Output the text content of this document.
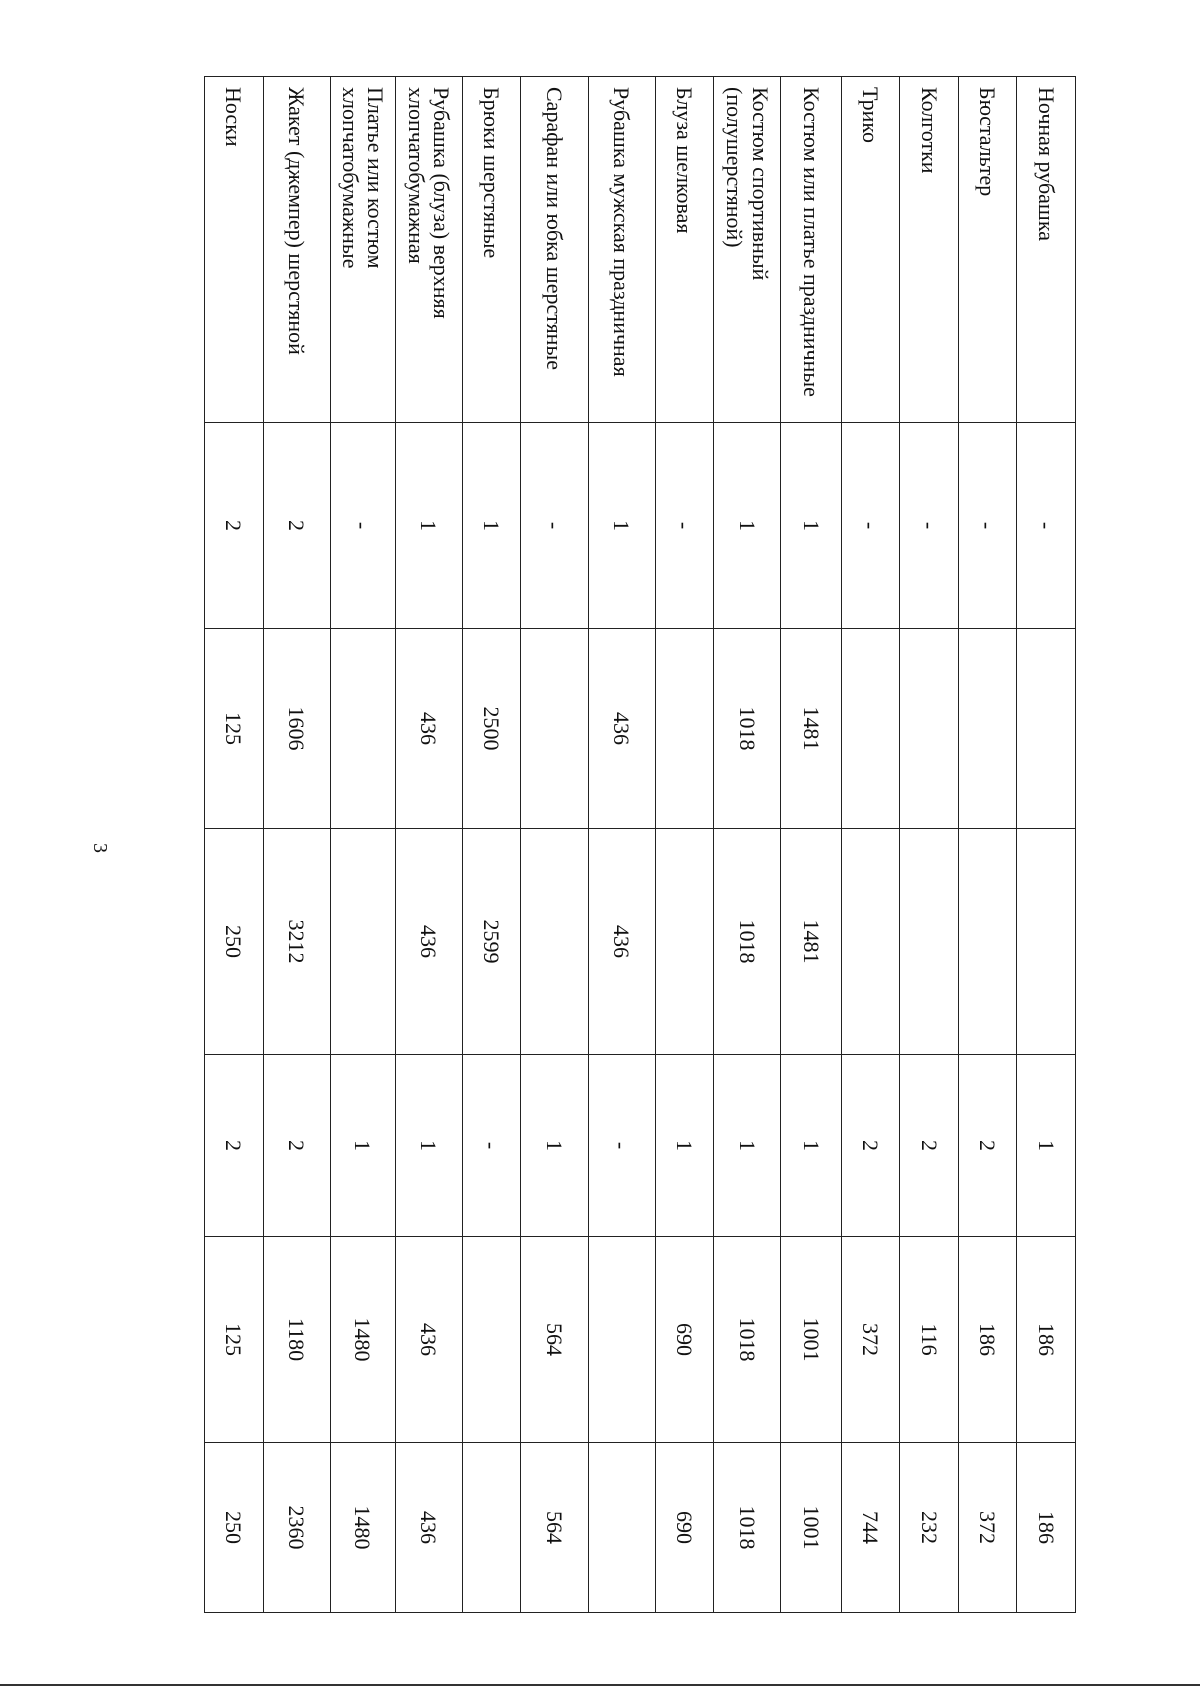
3
Ночная рубашка	-			1	186	186
Бюстальтер	-			2	186	372
Колготки	-			2	116	232
Трико	-			2	372	744
Костюм или платье праздничные	1	1481	1481	1	1001	1001
Костюм спортивный (полушерстяной)	1	1018	1018	1	1018	1018
Блуза шелковая	-			1	690	690
Рубашка мужская праздничная	1	436	436	-		
Сарафан или юбка шерстяные	-			1	564	564
Брюки шерстяные	1	2500	2599	-		
Рубашка (блуза) верхняя хлопчатобумажная	1	436	436	1	436	436
Платье или костюм хлопчатобумажные	-			1	1480	1480
Жакет (джемпер) шерстяной	2	1606	3212	2	1180	2360
Носки	2	125	250	2	125	250
